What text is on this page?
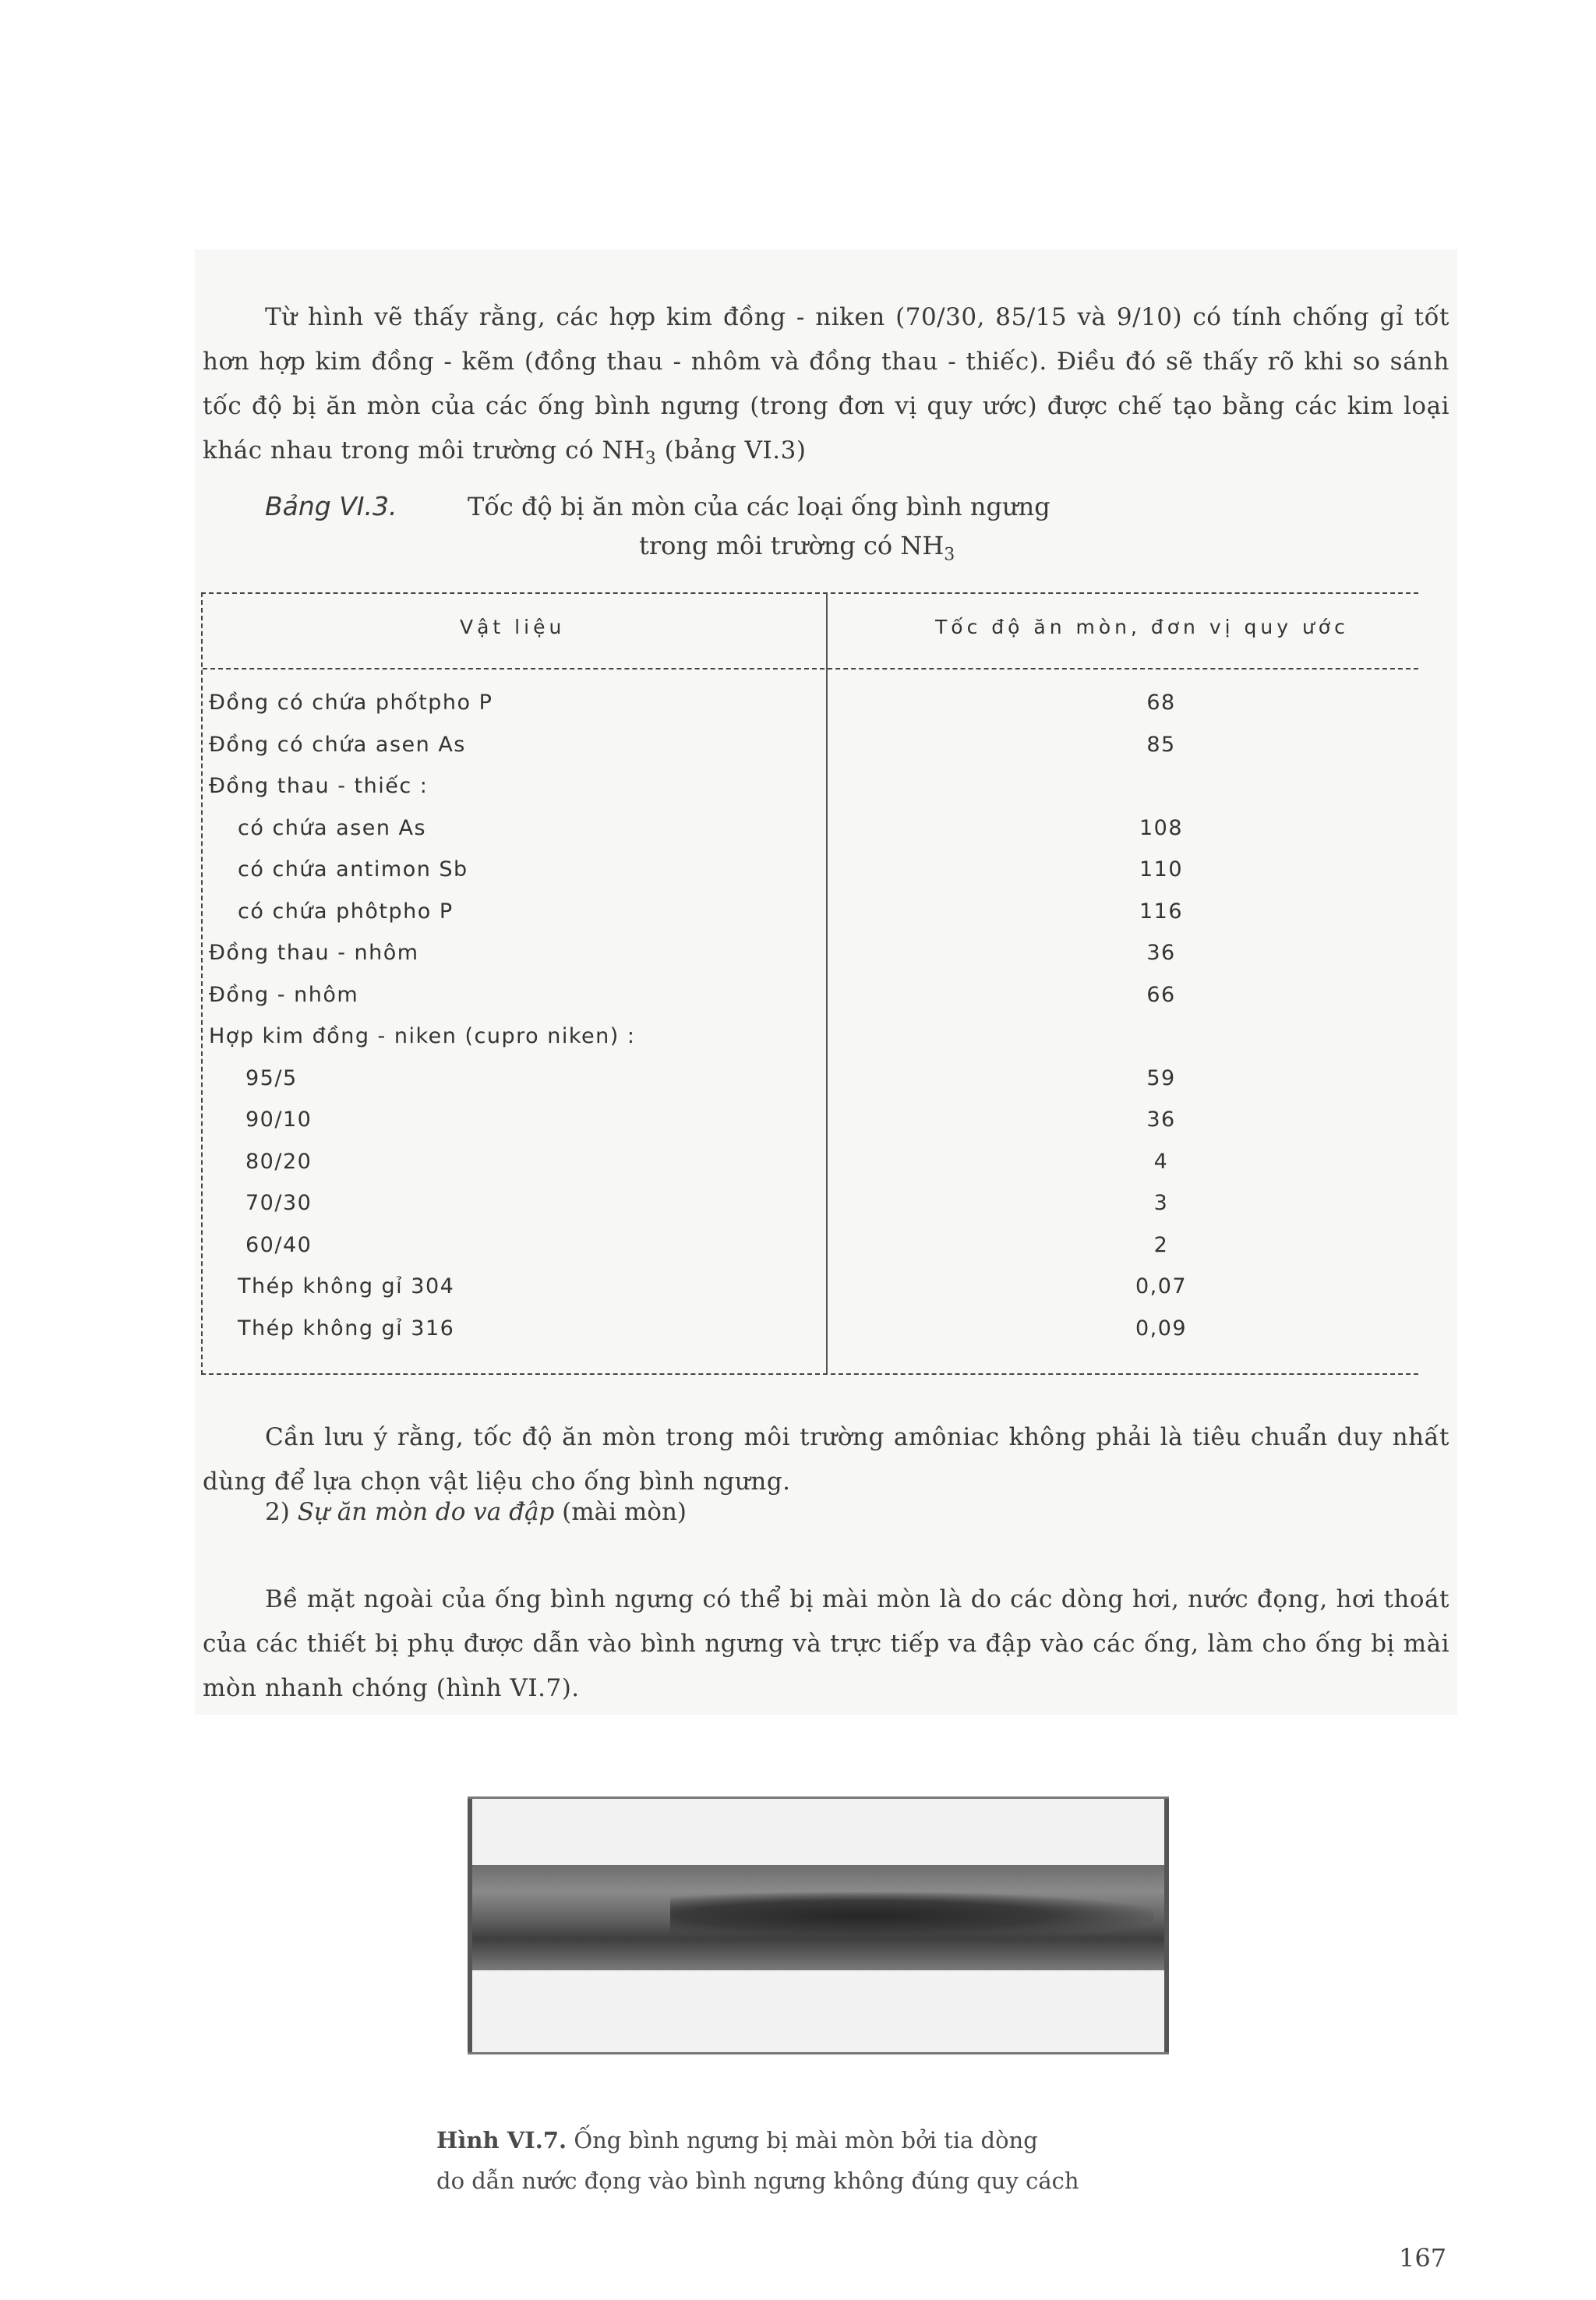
Từ hình vẽ thấy rằng, các hợp kim đồng - niken (70/30, 85/15 và 9/10) có tính chống gỉ tốt hơn hợp kim đồng - kẽm (đồng thau - nhôm và đồng thau - thiếc). Điều đó sẽ thấy rõ khi so sánh tốc độ bị ăn mòn của các ống bình ngưng (trong đơn vị quy ước) được chế tạo bằng các kim loại khác nhau trong môi trường có $NH_3$ (bảng VI.3)

Bảng VI.3.	Tốc độ bị ăn mòn của các loại ống bình ngưng
trong môi trường có $NH_3$
Vật liệu	Tốc độ ăn mòn, đơn vị quy ước
Đồng có chứa phốtpho P	68
Đồng có chứa asen As	85
Đồng thau - thiếc :
có chứa asen As	108
có chứa antimon Sb	110
có chứa phôtpho P	116
Đồng thau - nhôm	36
Đồng - nhôm	66
Hợp kim đồng - niken (cupro niken) :
95/5	59
90/10	36
80/20	4
70/30	3
60/40	2
Thép không gỉ 304	0,07
Thép không gỉ 316	0,09

Cần lưu ý rằng, tốc độ ăn mòn trong môi trường amôniac không phải là tiêu chuẩn duy nhất dùng để lựa chọn vật liệu cho ống bình ngưng.

2) Sự ăn mòn do va đập (mài mòn)

Bề mặt ngoài của ống bình ngưng có thể bị mài mòn là do các dòng hơi, nước đọng, hơi thoát của các thiết bị phụ được dẫn vào bình ngưng và trực tiếp va đập vào các ống, làm cho ống bị mài mòn nhanh chóng (hình VI.7).

Hình VI.7. Ống bình ngưng bị mài mòn bởi tia dòng
do dẫn nước đọng vào bình ngưng không đúng quy cách
167
